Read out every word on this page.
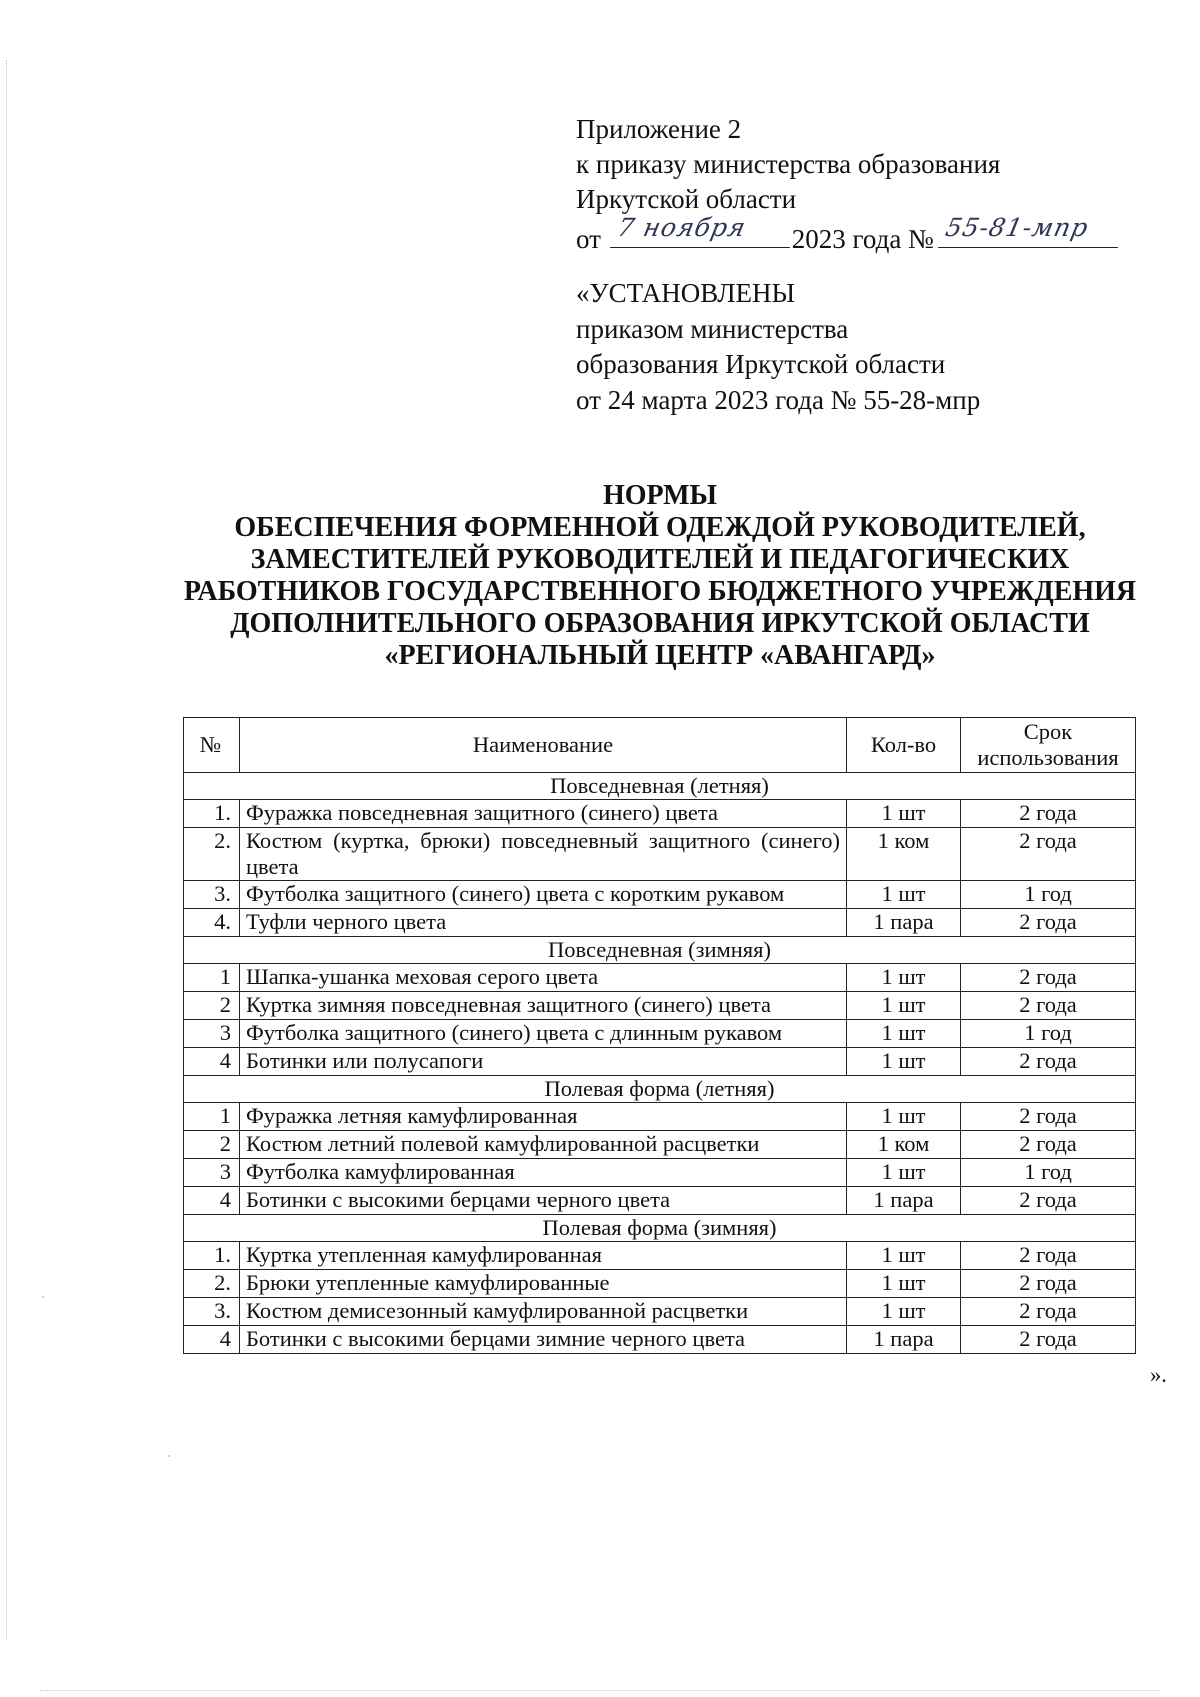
Приложение 2
к приказу министерства образования
Иркутской области
от 7 ноября 2023 года № 55-81-мпр
«УСТАНОВЛЕНЫ
приказом министерства
образования Иркутской области
от 24 марта 2023 года № 55-28-мпр
НОРМЫ
ОБЕСПЕЧЕНИЯ ФОРМЕННОЙ ОДЕЖДОЙ РУКОВОДИТЕЛЕЙ,
ЗАМЕСТИТЕЛЕЙ РУКОВОДИТЕЛЕЙ И ПЕДАГОГИЧЕСКИХ
РАБОТНИКОВ ГОСУДАРСТВЕННОГО БЮДЖЕТНОГО УЧРЕЖДЕНИЯ
ДОПОЛНИТЕЛЬНОГО ОБРАЗОВАНИЯ ИРКУТСКОЙ ОБЛАСТИ
«РЕГИОНАЛЬНЫЙ ЦЕНТР «АВАНГАРД»
№	Наименование	Кол-во	Срок
использования

Повседневная (летняя)			
1.	Фуражка повседневная защитного (синего) цвета	1 шт	2 года
2.	Костюм (куртка, брюки) повседневный защитного (синего) цвета	1 ком	2 года
3.	Футболка защитного (синего) цвета с коротким рукавом	1 шт	1 год
4.	Туфли черного цвета	1 пара	2 года
Повседневная (зимняя)			
1	Шапка-ушанка меховая серого цвета	1 шт	2 года
2	Куртка зимняя повседневная защитного (синего) цвета	1 шт	2 года
3	Футболка защитного (синего) цвета с длинным рукавом	1 шт	1 год
4	Ботинки или полусапоги	1 шт	2 года
Полевая форма (летняя)			
1	Фуражка летняя камуфлированная	1 шт	2 года
2	Костюм летний полевой камуфлированной расцветки	1 ком	2 года
3	Футболка камуфлированная	1 шт	1 год
4	Ботинки с высокими берцами черного цвета	1 пара	2 года
Полевая форма (зимняя)			
1.	Куртка утепленная камуфлированная	1 шт	2 года
2.	Брюки утепленные камуфлированные	1 шт	2 года
3.	Костюм демисезонный камуфлированной расцветки	1 шт	2 года
4	Ботинки с высокими берцами зимние черного цвета	1 пара	2 года
».
